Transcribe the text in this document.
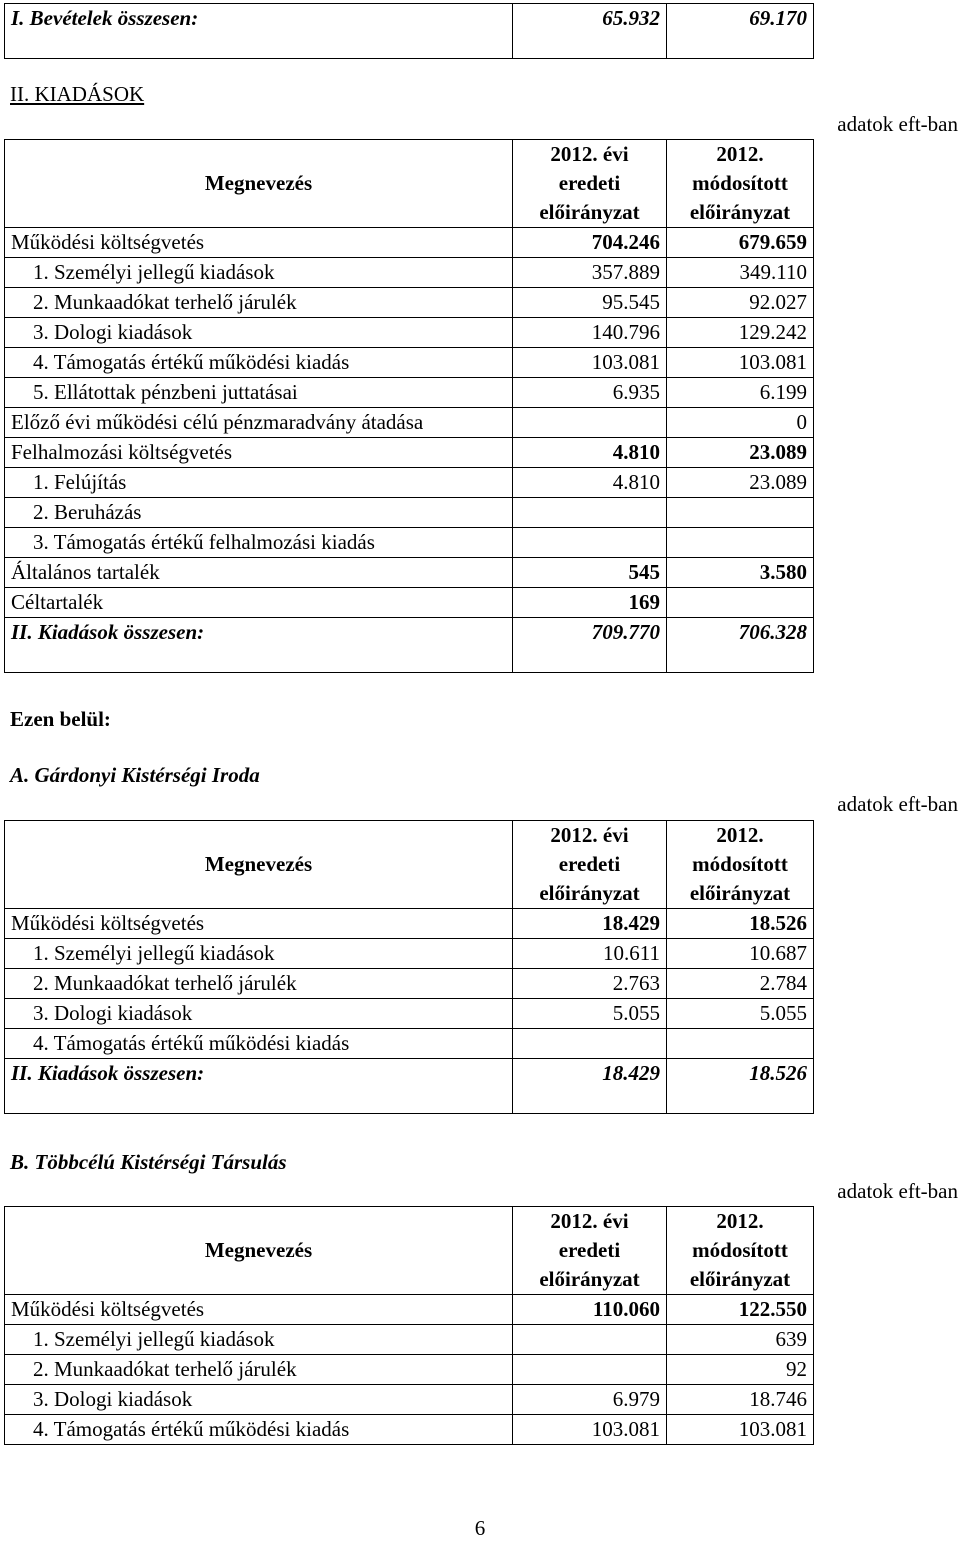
I. Bevételek összesen:	65.932	69.170
II. KIADÁSOK
adatok eft-ban
Megnevezés	2012. évi eredeti előirányzat	2012. módosított előirányzat
Működési költségvetés	704.246	679.659
1. Személyi jellegű kiadások	357.889	349.110
2. Munkaadókat terhelő járulék	95.545	92.027
3. Dologi kiadások	140.796	129.242
4. Támogatás értékű működési kiadás	103.081	103.081
5. Ellátottak pénzbeni juttatásai	6.935	6.199
Előző évi működési célú pénzmaradvány átadása		0
Felhalmozási költségvetés	4.810	23.089
1. Felújítás	4.810	23.089
2. Beruházás		
3. Támogatás értékű felhalmozási kiadás		
Általános tartalék	545	3.580
Céltartalék	169	
II. Kiadások összesen:	709.770	706.328
Ezen belül:
A. Gárdonyi Kistérségi Iroda
adatok eft-ban
Megnevezés	2012. évi eredeti előirányzat	2012. módosított előirányzat
Működési költségvetés	18.429	18.526
1. Személyi jellegű kiadások	10.611	10.687
2. Munkaadókat terhelő járulék	2.763	2.784
3. Dologi kiadások	5.055	5.055
4. Támogatás értékű működési kiadás		
II. Kiadások összesen:	18.429	18.526
B. Többcélú Kistérségi Társulás
adatok eft-ban
Megnevezés	2012. évi eredeti előirányzat	2012. módosított előirányzat
Működési költségvetés	110.060	122.550
1. Személyi jellegű kiadások		639
2. Munkaadókat terhelő járulék		92
3. Dologi kiadások	6.979	18.746
4. Támogatás értékű működési kiadás	103.081	103.081
6
